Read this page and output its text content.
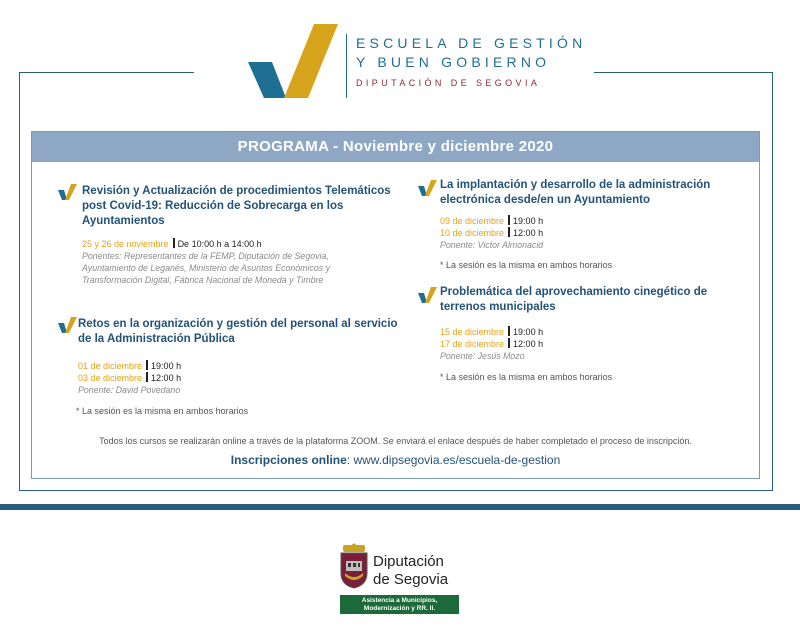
ESCUELA DE GESTIÓN
Y BUEN GOBIERNO
DIPUTACIÓN DE SEGOVIA
PROGRAMA - Noviembre y diciembre 2020
Revisión y Actualización de procedimientos Telemáticos
post Covid-19: Reducción de Sobrecarga en los
Ayuntamientos
25 y 26 de noviembre De 10:00 h a 14:00 h
Ponentes: Representantes de la FEMP, Diputación de Segovia,
Ayuntamiento de Leganés, Ministerio de Asuntos Económicos y
Transformación Digital, Fábrica Nacional de Moneda y Timbre
Retos en la organización y gestión del personal al servicio
de la Administración Pública
01 de diciembre 19:00 h
03 de diciembre 12:00 h
Ponente: David Povedano
* La sesión es la misma en ambos horarios
La implantación y desarrollo de la administración
electrónica desde/en un Ayuntamiento
09 de diciembre 19:00 h
10 de diciembre 12:00 h
Ponente: Victor Almonacid
* La sesión es la misma en ambos horarios
Problemática del aprovechamiento cinegético de
terrenos municipales
15 de diciembre 19:00 h
17 de diciembre 12:00 h
Ponente: Jesús Mozo
* La sesión es la misma en ambos horarios
Todos los cursos se realizarán online a través de la plataforma ZOOM. Se enviará el enlace después de haber completado el proceso de inscripción.
Inscripciones online: www.dipsegovia.es/escuela-de-gestion
Diputación
de Segovia
Asistencia a Municipios,
Modernización y RR. II.
